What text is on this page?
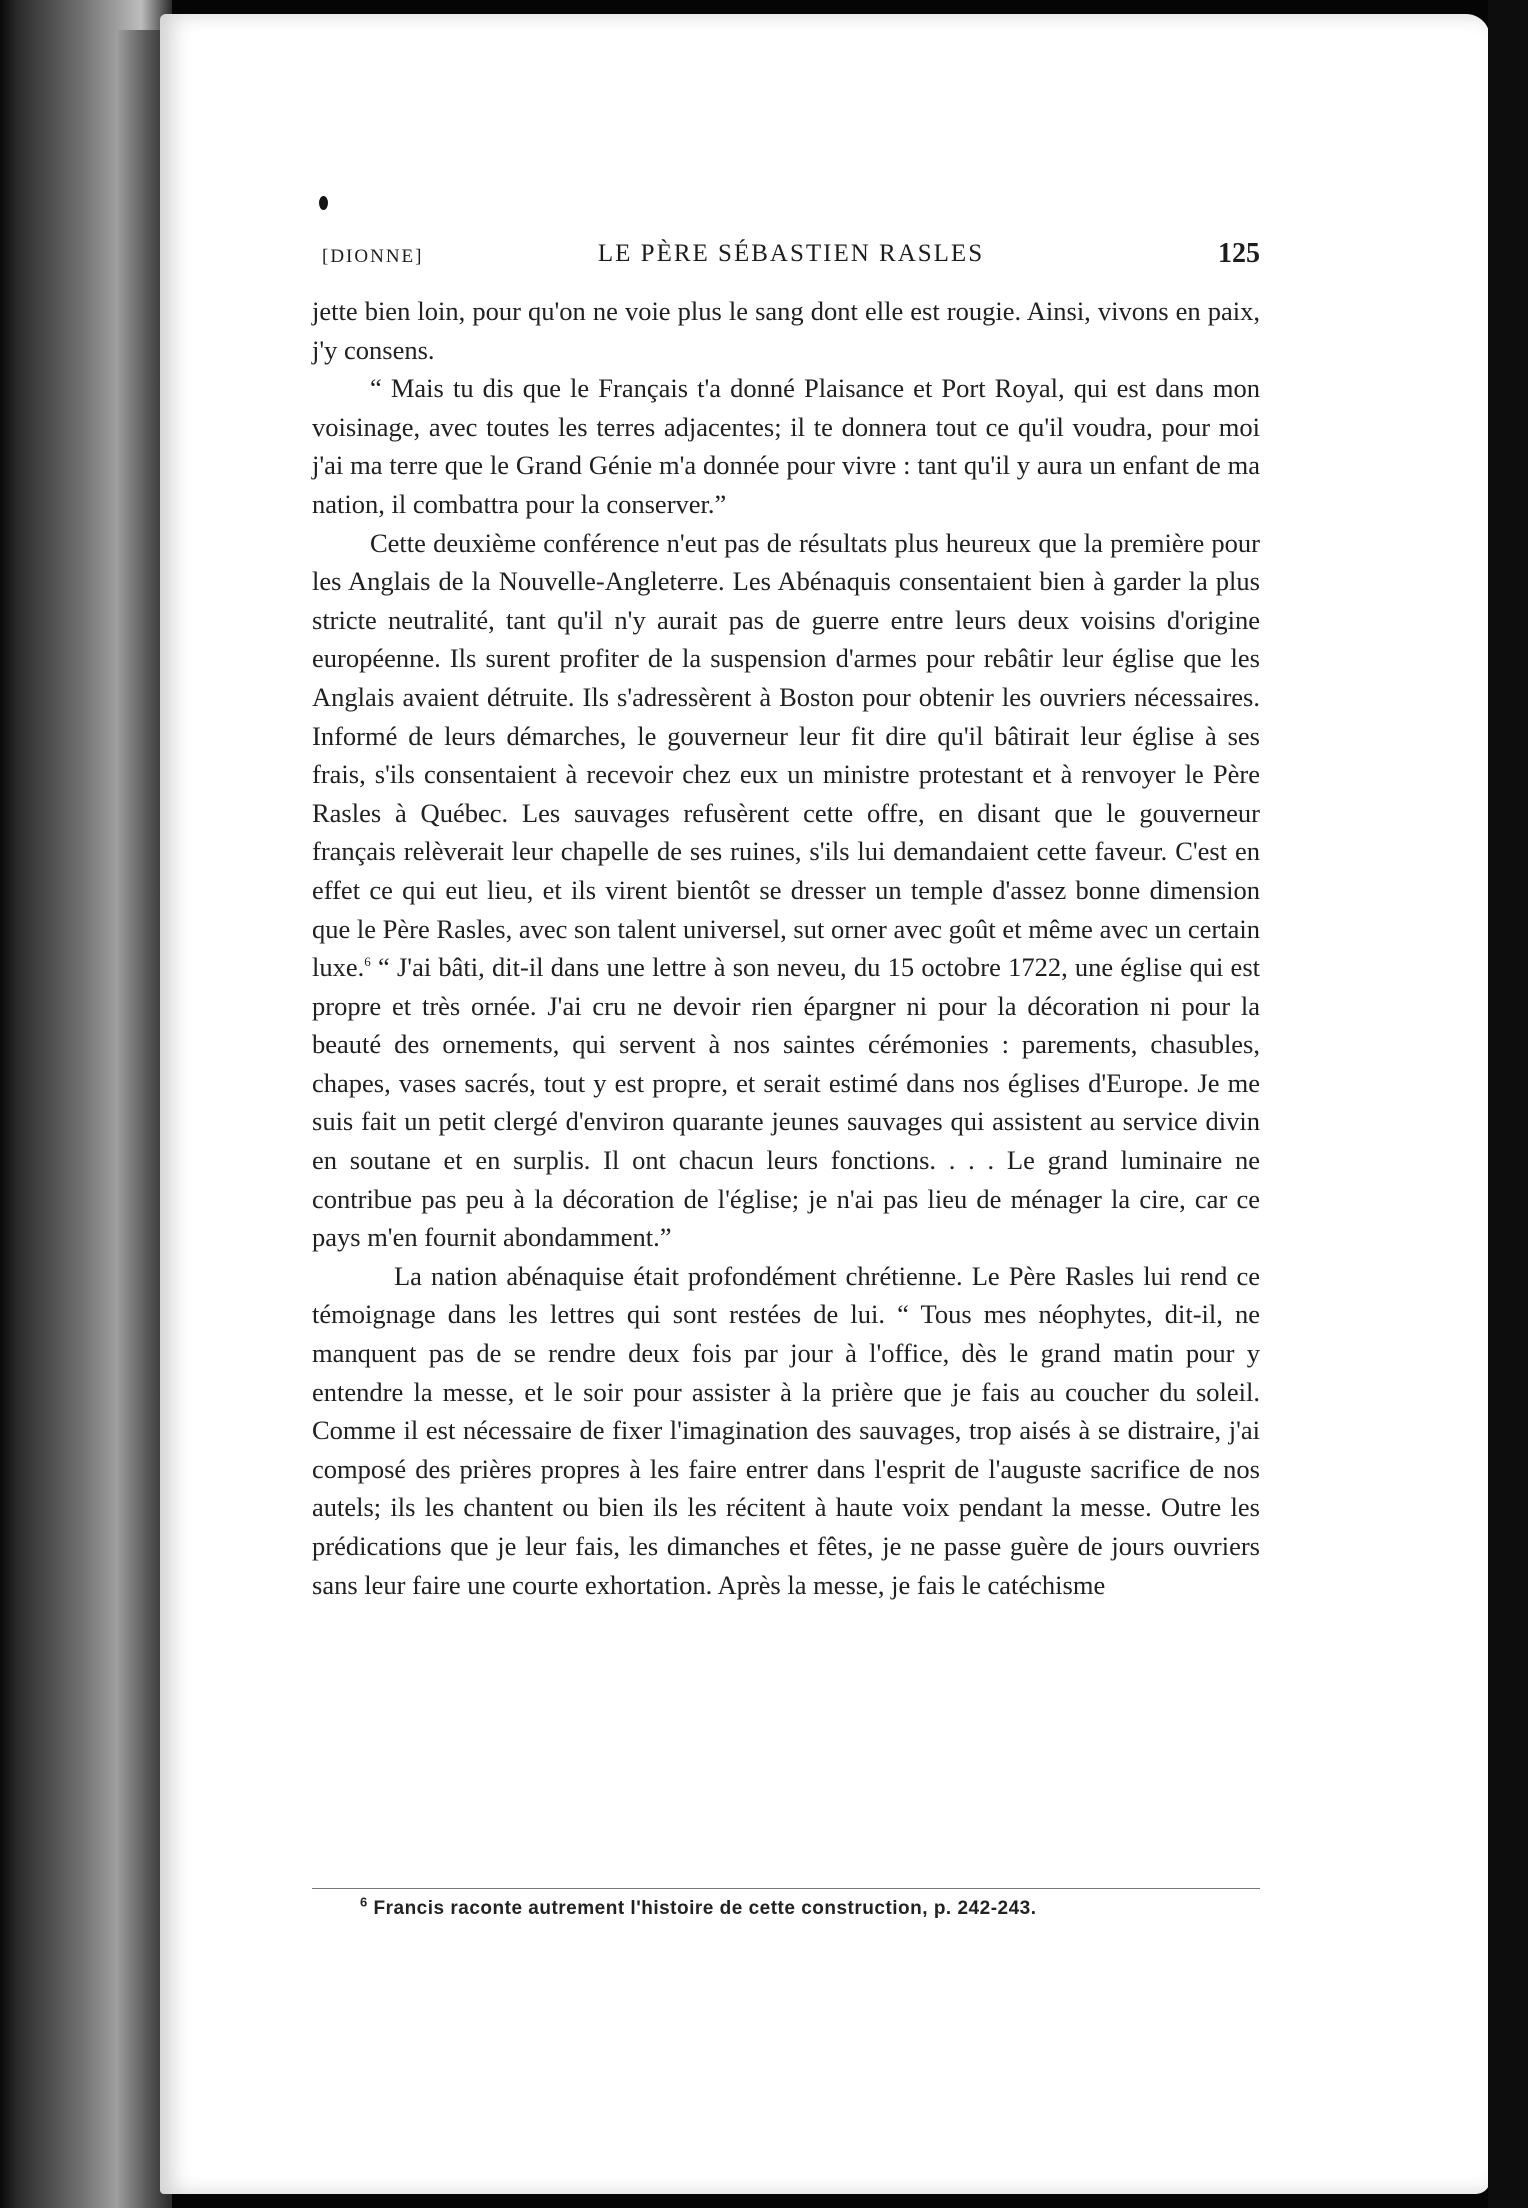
[DIONNE]	LE PÈRE SÉBASTIEN RASLES	125

jette bien loin, pour qu'on ne voie plus le sang dont elle est rougie. Ainsi, vivons en paix, j'y consens.

“ Mais tu dis que le Français t'a donné Plaisance et Port Royal, qui est dans mon voisinage, avec toutes les terres adjacentes; il te donnera tout ce qu'il voudra, pour moi j'ai ma terre que le Grand Génie m'a donnée pour vivre : tant qu'il y aura un enfant de ma nation, il combattra pour la conserver.”

Cette deuxième conférence n'eut pas de résultats plus heureux que la première pour les Anglais de la Nouvelle-Angleterre. Les Abénaquis consentaient bien à garder la plus stricte neutralité, tant qu'il n'y aurait pas de guerre entre leurs deux voisins d'origine européenne. Ils surent profiter de la suspension d'armes pour rebâtir leur église que les Anglais avaient détruite. Ils s'adressèrent à Boston pour obtenir les ouvriers nécessaires. Informé de leurs démarches, le gouverneur leur fit dire qu'il bâtirait leur église à ses frais, s'ils consentaient à recevoir chez eux un ministre protestant et à renvoyer le Père Rasles à Québec. Les sauvages refusèrent cette offre, en disant que le gouverneur français relèverait leur chapelle de ses ruines, s'ils lui demandaient cette faveur. C'est en effet ce qui eut lieu, et ils virent bientôt se dresser un temple d'assez bonne dimension que le Père Rasles, avec son talent universel, sut orner avec goût et même avec un certain luxe.$^6$ “ J'ai bâti, dit-il dans une lettre à son neveu, du 15 octobre 1722, une église qui est propre et très ornée. J'ai cru ne devoir rien épargner ni pour la décoration ni pour la beauté des ornements, qui servent à nos saintes cérémonies : parements, chasubles, chapes, vases sacrés, tout y est propre, et serait estimé dans nos églises d'Europe. Je me suis fait un petit clergé d'environ quarante jeunes sauvages qui assistent au service divin en soutane et en surplis. Il ont chacun leurs fonctions. . . . Le grand luminaire ne contribue pas peu à la décoration de l'église; je n'ai pas lieu de ménager la cire, car ce pays m'en fournit abondamment.”

La nation abénaquise était profondément chrétienne. Le Père Rasles lui rend ce témoignage dans les lettres qui sont restées de lui. “ Tous mes néophytes, dit-il, ne manquent pas de se rendre deux fois par jour à l'office, dès le grand matin pour y entendre la messe, et le soir pour assister à la prière que je fais au coucher du soleil. Comme il est nécessaire de fixer l'imagination des sauvages, trop aisés à se distraire, j'ai composé des prières propres à les faire entrer dans l'esprit de l'auguste sacrifice de nos autels; ils les chantent ou bien ils les récitent à haute voix pendant la messe. Outre les prédications que je leur fais, les dimanches et fêtes, je ne passe guère de jours ouvriers sans leur faire une courte exhortation. Après la messe, je fais le catéchisme

$^6$ Francis raconte autrement l'histoire de cette construction, p. 242-243.
